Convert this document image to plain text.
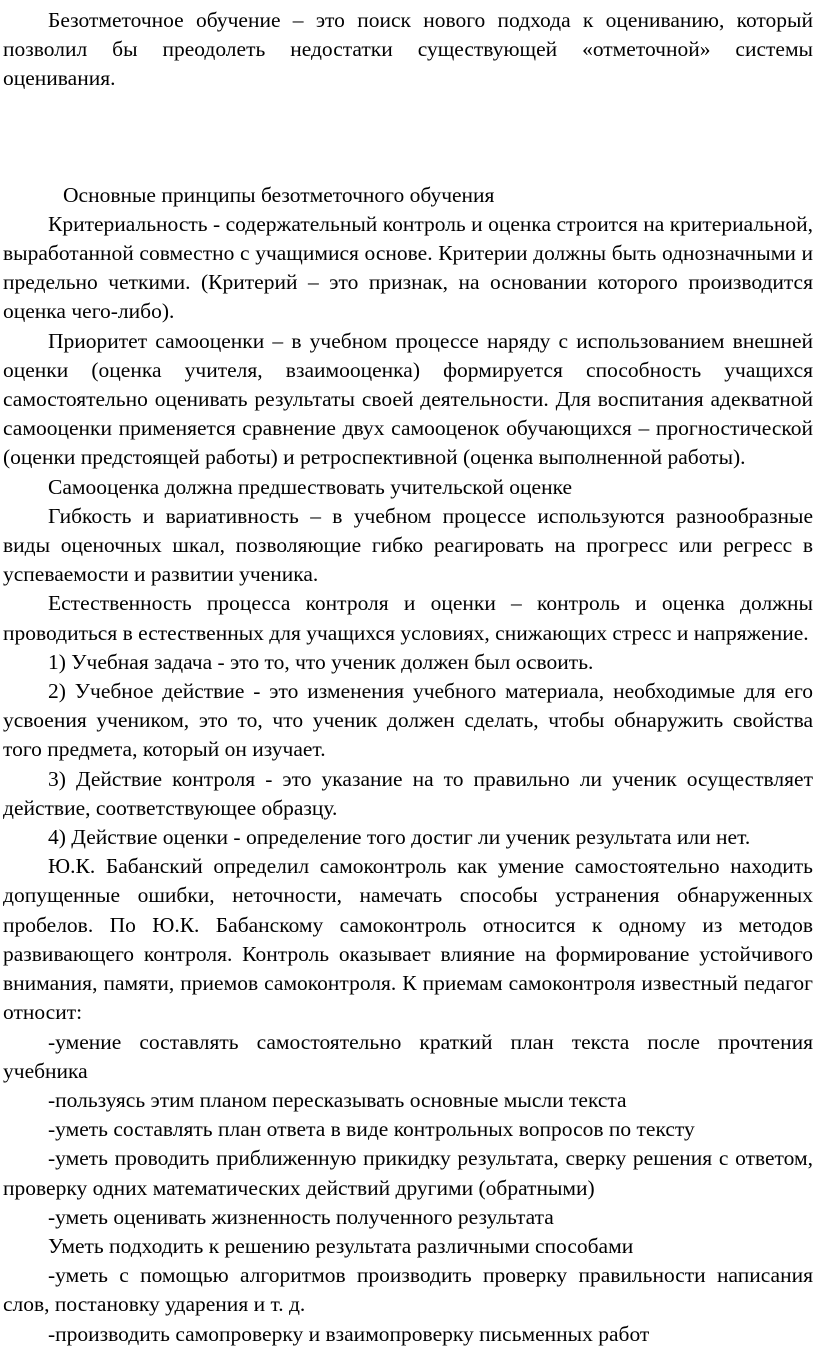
Безотметочное обучение – это поиск нового подхода к оцениванию, который позволил бы преодолеть недостатки существующей «отметочной» системы оценивания.

Основные принципы безотметочного обучения

Критериальность - содержательный контроль и оценка строится на критериальной, выработанной совместно с учащимися основе. Критерии должны быть однозначными и предельно четкими. (Критерий – это признак, на основании которого производится оценка чего-либо).

Приоритет самооценки – в учебном процессе наряду с использованием внешней оценки (оценка учителя, взаимооценка) формируется способность учащихся самостоятельно оценивать результаты своей деятельности. Для воспитания адекватной самооценки применяется сравнение двух самооценок обучающихся – прогностической (оценки предстоящей работы) и ретроспективной (оценка выполненной работы).

Самооценка должна предшествовать учительской оценке

Гибкость и вариативность – в учебном процессе используются разнообразные виды оценочных шкал, позволяющие гибко реагировать на прогресс или регресс в успеваемости и развитии ученика.

Естественность процесса контроля и оценки – контроль и оценка должны проводиться в естественных для учащихся условиях, снижающих стресс и напряжение.

1) Учебная задача - это то, что ученик должен был освоить.

2) Учебное действие - это изменения учебного материала, необходимые для его усвоения учеником, это то, что ученик должен сделать, чтобы обнаружить свойства того предмета, который он изучает.

3) Действие контроля - это указание на то правильно ли ученик осуществляет действие, соответствующее образцу.

4) Действие оценки - определение того достиг ли ученик результата или нет.

Ю.К. Бабанский определил самоконтроль как умение самостоятельно находить допущенные ошибки, неточности, намечать способы устранения обнаруженных пробелов. По Ю.К. Бабанскому самоконтроль относится к одному из методов развивающего контроля. Контроль оказывает влияние на формирование устойчивого внимания, памяти, приемов самоконтроля. К приемам самоконтроля известный педагог относит:

-умение составлять самостоятельно краткий план текста после прочтения учебника

-пользуясь этим планом пересказывать основные мысли текста

-уметь составлять план ответа в виде контрольных вопросов по тексту

-уметь проводить приближенную прикидку результата, сверку решения с ответом, проверку одних математических действий другими (обратными)

-уметь оценивать жизненность полученного результата

Уметь подходить к решению результата различными способами

-уметь с помощью алгоритмов производить проверку правильности написания слов, постановку ударения и т. д.

-производить самопроверку и взаимопроверку письменных работ
